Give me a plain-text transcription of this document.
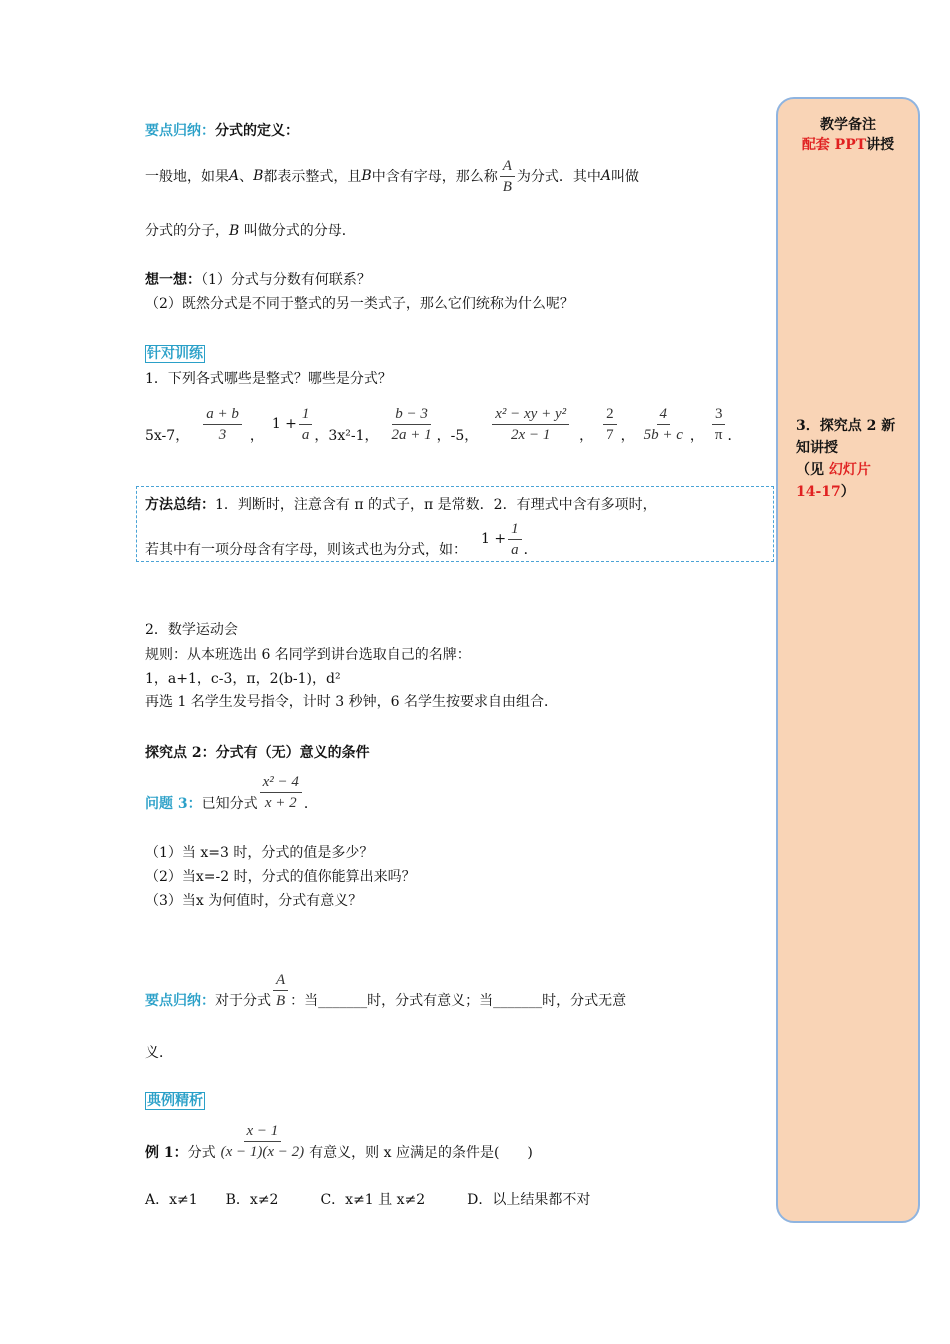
要点归纳：分式的定义：
一般地，如果 A 、 B 都表示整式，且 B 中含有字母，那么称 $\frac{A}{B}$ 为分式．其中 A 叫做
分式的分子，B 叫做分式的分母．
想一想：（1）分式与分数有何联系？
（2）既然分式是不同于整式的另一类式子，那么它们统称为什么呢？
针对训练
1．下列各式哪些是整式？哪些是分式？
5x-7， $\frac{a + b}{3}$ ，
$1 + \frac{1}{a}$ ，3x²-1， $\frac{b - 3}{2a + 1}$ ，-5， $\frac{\text{x² − xy + y²}}{2x - 1}$ ， $\frac{2}{7}$ ， $\frac{4}{5b + c}$ ， $\frac{3}{\pi}$ ．
方法总结：1．判断时，注意含有 π 的式子，π 是常数．2．有理式中含有多项时，
若其中有一项分母含有字母，则该式也为分式，如：
$1 + \frac{1}{a}$ ．
2．数学运动会
规则：从本班选出 6 名同学到讲台选取自己的名牌：
1，a+1，c-3，π，2(b-1)，d²
再选 1 名学生发号指令，计时 3 秒钟，6 名学生按要求自由组合．
探究点 2：分式有（无）意义的条件
问题 3： 已知分式 $\frac{\text{x² − 4}}{x + 2}$ ．
（1）当 x=3 时，分式的值是多少？
（2）当x=-2 时，分式的值你能算出来吗？
（3）当x 为何值时，分式有意义？
要点归纳： 对于分式 $\frac{A}{B}$ ：当_______时，分式有意义；当_______时，分式无意
义．
典例精析
例 1： 分式 $\frac{x - 1}{(x - 1)(x - 2)}$ 有意义，则 x 应满足的条件是(　　)
A．x≠1　　B．x≠2　　　C．x≠1 且 x≠2　　　D．以上结果都不对
教学备注
配套 PPT讲授
3．探究点 2 新
知讲授
（见 幻灯片
14-17）
